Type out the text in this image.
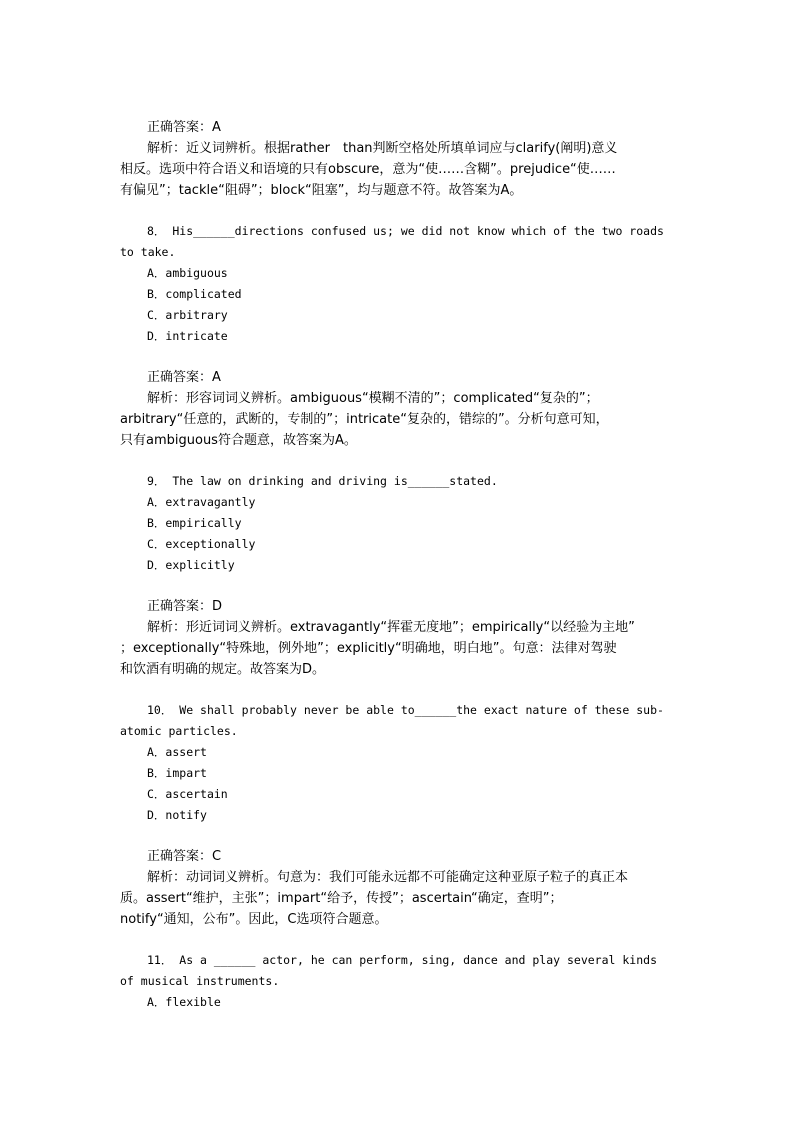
正确答案：A
解析：近义词辨析。根据rather　than判断空格处所填单词应与clarify(阐明)意义
相反。选项中符合语义和语境的只有obscure，意为“使……含糊”。prejudice“使……
有偏见”；tackle“阻碍”；block“阻塞”，均与题意不符。故答案为A。
8． His______directions confused us; we did not know which of the two roads
to take.
A．ambiguous
B．complicated
C．arbitrary
D．intricate
正确答案：A
解析：形容词词义辨析。ambiguous“模糊不清的”；complicated“复杂的”；
arbitrary“任意的，武断的，专制的”；intricate“复杂的，错综的”。分析句意可知，
只有ambiguous符合题意，故答案为A。
9． The law on drinking and driving is______stated.
A．extravagantly
B．empirically
C．exceptionally
D．explicitly
正确答案：D
解析：形近词词义辨析。extravagantly“挥霍无度地”；empirically“以经验为主地”
；exceptionally“特殊地，例外地”；explicitly“明确地，明白地”。句意：法律对驾驶
和饮酒有明确的规定。故答案为D。
10． We shall probably never be able to______the exact nature of these sub-
atomic particles.
A．assert
B．impart
C．ascertain
D．notify
正确答案：C
解析：动词词义辨析。句意为：我们可能永远都不可能确定这种亚原子粒子的真正本
质。assert“维护，主张”；impart“给予，传授”；ascertain“确定，查明”；
notify“通知，公布”。因此，C选项符合题意。
11． As a ______ actor, he can perform, sing, dance and play several kinds
of musical instruments.
A．flexible
